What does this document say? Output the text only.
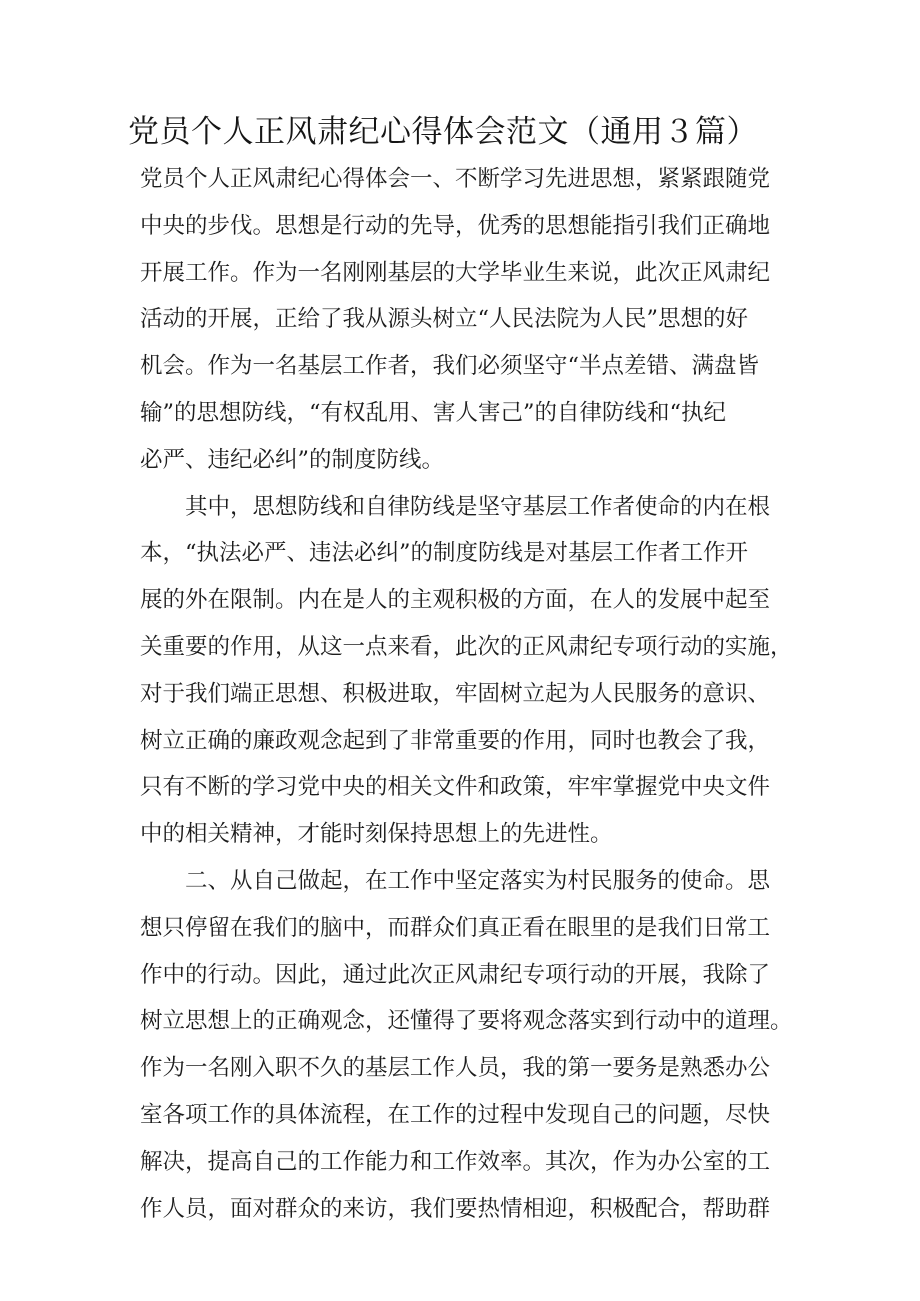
党员个人正风肃纪心得体会范文（通用３篇）

党员个人正风肃纪心得体会一、不断学习先进思想，紧紧跟随党
中央的步伐。思想是行动的先导，优秀的思想能指引我们正确地
开展工作。作为一名刚刚基层的大学毕业生来说，此次正风肃纪
活动的开展，正给了我从源头树立“人民法院为人民”思想的好
机会。作为一名基层工作者，我们必须坚守“半点差错、满盘皆
输”的思想防线，“有权乱用、害人害己”的自律防线和“执纪
必严、违纪必纠”的制度防线。

其中，思想防线和自律防线是坚守基层工作者使命的内在根
本，“执法必严、违法必纠”的制度防线是对基层工作者工作开
展的外在限制。内在是人的主观积极的方面，在人的发展中起至
关重要的作用，从这一点来看，此次的正风肃纪专项行动的实施，
对于我们端正思想、积极进取，牢固树立起为人民服务的意识、
树立正确的廉政观念起到了非常重要的作用，同时也教会了我，
只有不断的学习党中央的相关文件和政策，牢牢掌握党中央文件
中的相关精神，才能时刻保持思想上的先进性。

二、从自己做起，在工作中坚定落实为村民服务的使命。思
想只停留在我们的脑中，而群众们真正看在眼里的是我们日常工
作中的行动。因此，通过此次正风肃纪专项行动的开展，我除了
树立思想上的正确观念，还懂得了要将观念落实到行动中的道理。
作为一名刚入职不久的基层工作人员，我的第一要务是熟悉办公
室各项工作的具体流程，在工作的过程中发现自己的问题，尽快
解决，提高自己的工作能力和工作效率。其次，作为办公室的工
作人员，面对群众的来访，我们要热情相迎，积极配合，帮助群
